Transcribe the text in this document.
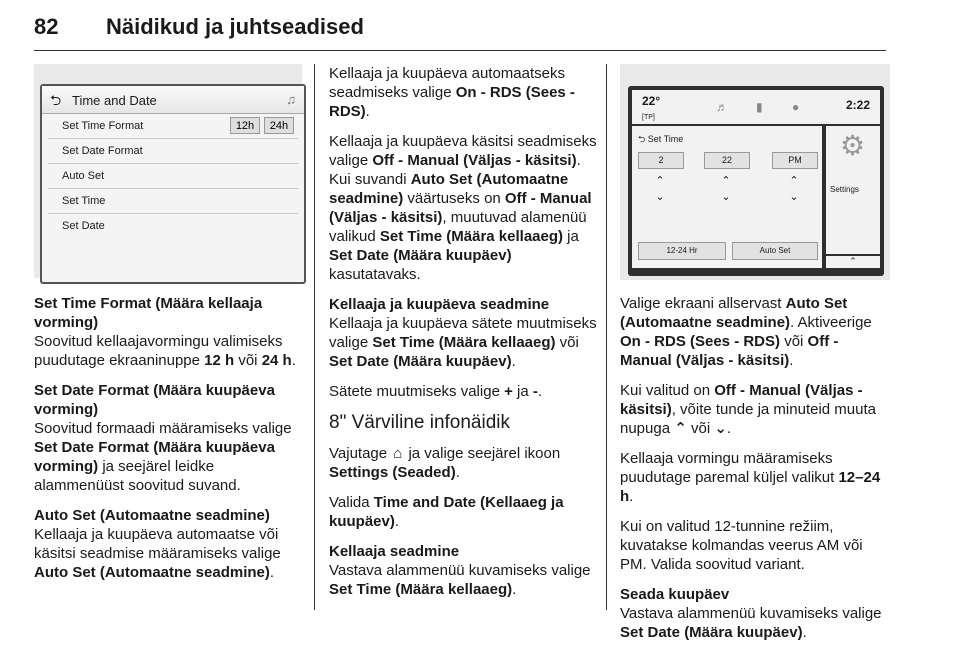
82 Näidikud ja juhtseadised
⮌ Time and Date	♫
Set Time Format	12h	24h
Set Date Format
Auto Set
Set Time
Set Date

Set Time Format (Määra kellaaja vorming)
Soovitud kellaajavormingu valimiseks puudutage ekraaninuppe 12 h või 24 h.

Set Date Format (Määra kuupäeva vorming)
Soovitud formaadi määramiseks valige Set Date Format (Määra kuupäeva vorming) ja seejärel leidke alammenüüst soovitud suvand.

Auto Set (Automaatne seadmine)
Kellaaja ja kuupäeva automaatse või käsitsi seadmise määramiseks valige Auto Set (Automaatne seadmine).

Kellaaja ja kuupäeva automaatseks seadmiseks valige On - RDS (Sees - RDS).

Kellaaja ja kuupäeva käsitsi seadmiseks valige Off - Manual (Väljas - käsitsi). Kui suvandi Auto Set (Automaatne seadmine) väärtuseks on Off - Manual (Väljas - käsitsi), muutuvad alamenüü valikud Set Time (Määra kellaaeg) ja Set Date (Määra kuupäev) kasutatavaks.

Kellaaja ja kuupäeva seadmine
Kellaaja ja kuupäeva sätete muutmiseks valige Set Time (Määra kellaaeg) või Set Date (Määra kuupäev).

Sätete muutmiseks valige + ja -.

8" Värviline infonäidik

Vajutage ⌂ ja valige seejärel ikoon Settings (Seaded).

Valida Time and Date (Kellaaeg ja kuupäev).

Kellaaja seadmine
Vastava alammenüü kuvamiseks valige Set Time (Määra kellaaeg).

22°
[TP]
♬ ▮ ●	2:22
⮌ Set Time
2	22	PM
⌃
⌄
⌃
⌄
⌃
⌄
12-24 Hr	Auto Set
⚙
Settings
⌃

Valige ekraani allservast Auto Set (Automaatne seadmine). Aktiveerige On - RDS (Sees - RDS) või Off - Manual (Väljas - käsitsi).

Kui valitud on Off - Manual (Väljas - käsitsi), võite tunde ja minuteid muuta nupuga ⌃ või ⌄.

Kellaaja vormingu määramiseks puudutage paremal küljel valikut 12–24 h.

Kui on valitud 12-tunnine režiim, kuvatakse kolmandas veerus AM või PM. Valida soovitud variant.

Seada kuupäev
Vastava alammenüü kuvamiseks valige Set Date (Määra kuupäev).
